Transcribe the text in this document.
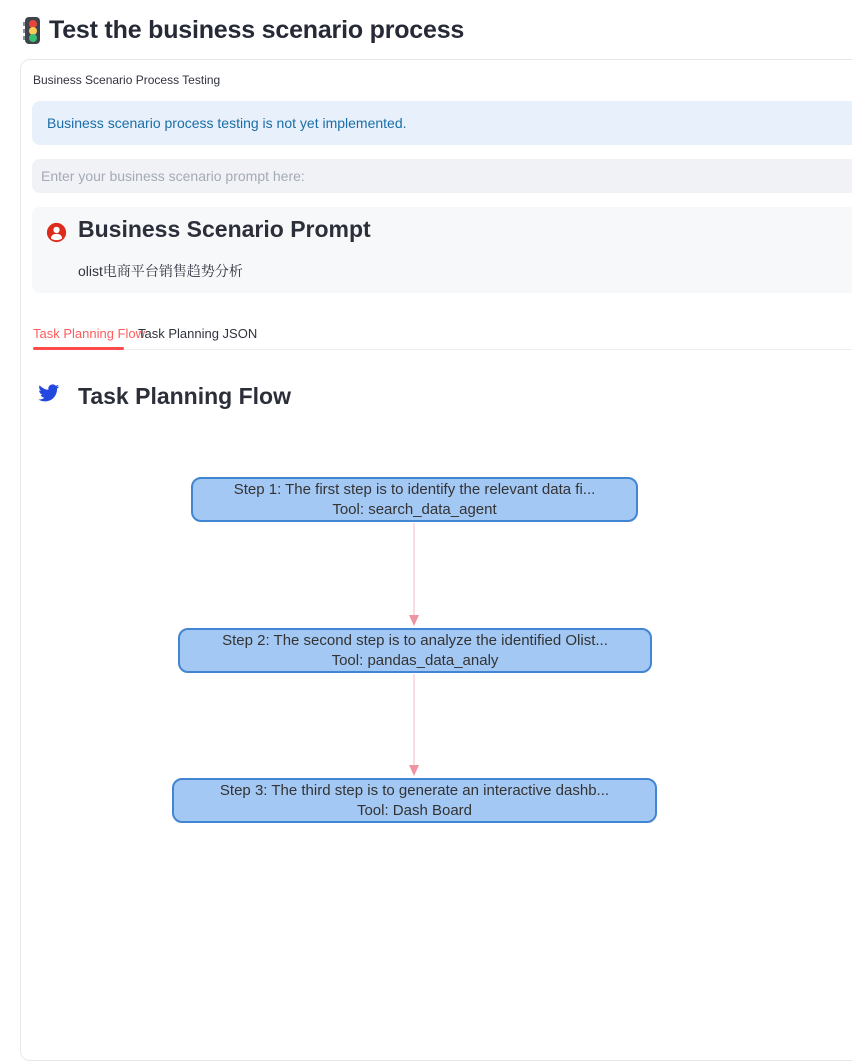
Test the business scenario process
Business Scenario Process Testing
Business scenario process testing is not yet implemented.
Enter your business scenario prompt here:
Business Scenario Prompt
olist电商平台销售趋势分析
Task Planning Flow
Task Planning JSON
Task Planning Flow
Step 1: The first step is to identify the relevant data fi...
Tool: search_data_agent
Step 2: The second step is to analyze the identified Olist...
Tool: pandas_data_analy
Step 3: The third step is to generate an interactive dashb...
Tool: Dash Board
